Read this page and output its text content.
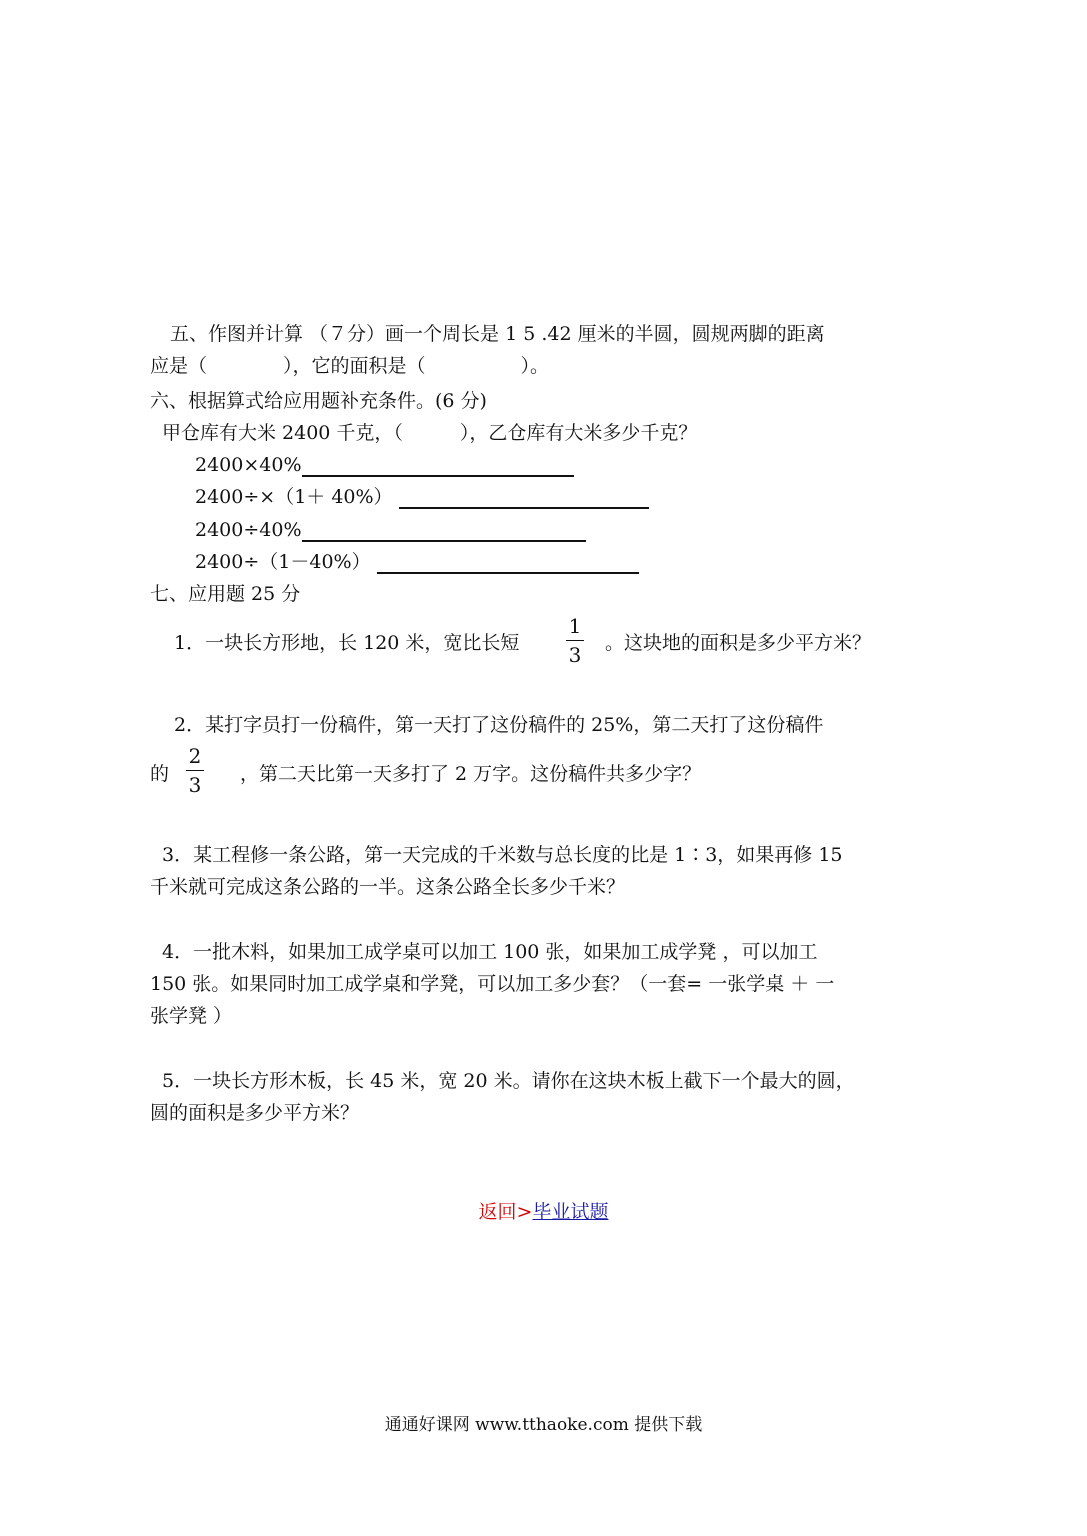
五、作图并计算 （７分）画一个周长是 1 5 .42 厘米的半圆，圆规两脚的距离
应是（　　　　），它的面积是（　　　　　）。
六、根据算式给应用题补充条件。(6 分)
甲仓库有大米 2400 千克，（　　　），乙仓库有大米多少千克？
2400×40%
2400÷×（1＋ 40%）
2400÷40%
2400÷（1－40%）
七、应用题 25 分
1．一块长方形地，长 120 米，宽比长短
1
3 。这块地的面积是多少平方米？
2．某打字员打一份稿件，第一天打了这份稿件的 25%，第二天打了这份稿件
的
2
3 ，第二天比第一天多打了 2 万字。这份稿件共多少字？
3．某工程修一条公路，第一天完成的千米数与总长度的比是 1∶3，如果再修 15
千米就可完成这条公路的一半。这条公路全长多少千米？
4．一批木料，如果加工成学桌可以加工 100 张，如果加工成学凳 ，可以加工
150 张。如果同时加工成学桌和学凳，可以加工多少套？（一套= 一张学桌 ＋ 一
张学凳 ）
5．一块长方形木板，长 45 米，宽 20 米。请你在这块木板上截下一个最大的圆，
圆的面积是多少平方米？
返回>毕业试题
通通好课网 www.tthaoke.com 提供下载
